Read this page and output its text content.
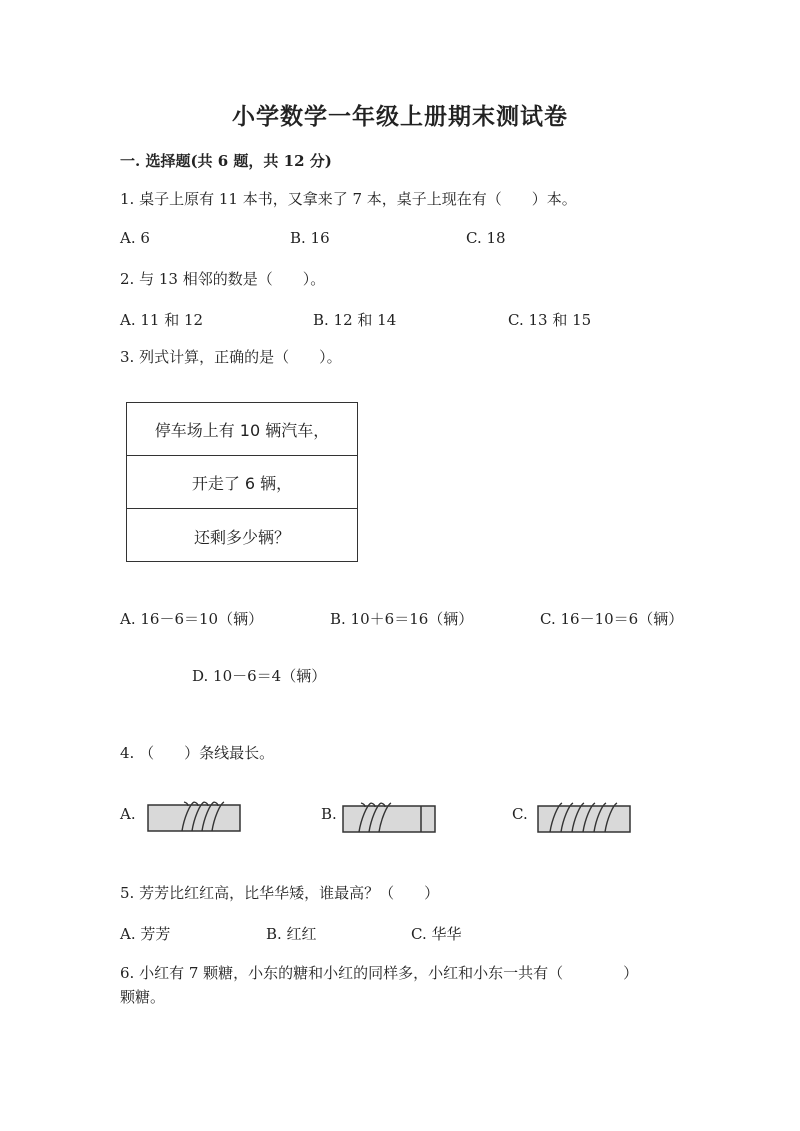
小学数学一年级上册期末测试卷
一. 选择题(共 6 题，共 12 分)
1. 桌子上原有 11 本书，又拿来了 7 本，桌子上现在有（　　）本。
A. 6	B. 16	C. 18
2. 与 13 相邻的数是（　　）。
A. 11 和 12	B. 12 和 14	C. 13 和 15
3. 列式计算，正确的是（　　）。
停车场上有 10 辆汽车，
开走了 6 辆，
还剩多少辆？
A. 16－6＝10（辆）	B. 10＋6＝16（辆）	C. 16－10＝6（辆）
D. 10－6＝4（辆）
4. （　　）条线最长。
A.	B.	C.
5. 芳芳比红红高，比华华矮，谁最高？（　　）
A. 芳芳	B. 红红	C. 华华
6. 小红有 7 颗糖，小东的糖和小红的同样多，小红和小东一共有（　　　　）
颗糖。
